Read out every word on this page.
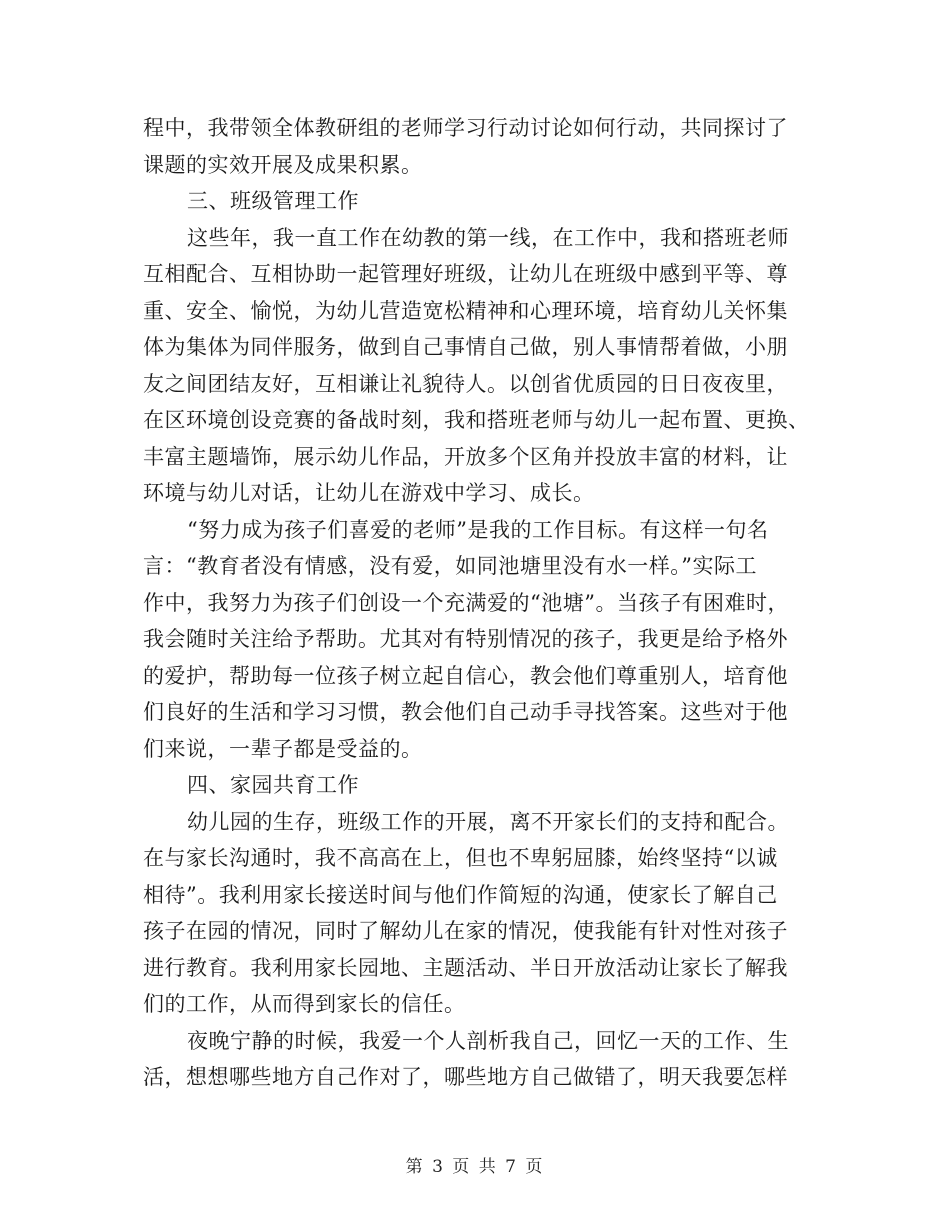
程中，我带领全体教研组的老师学习行动讨论如何行动，共同探讨了
课题的实效开展及成果积累。
三、班级管理工作
这些年，我一直工作在幼教的第一线，在工作中，我和搭班老师
互相配合、互相协助一起管理好班级，让幼儿在班级中感到平等、尊
重、安全、愉悦，为幼儿营造宽松精神和心理环境，培育幼儿关怀集
体为集体为同伴服务，做到自己事情自己做，别人事情帮着做，小朋
友之间团结友好，互相谦让礼貌待人。以创省优质园的日日夜夜里，
在区环境创设竞赛的备战时刻，我和搭班老师与幼儿一起布置、更换、
丰富主题墙饰，展示幼儿作品，开放多个区角并投放丰富的材料，让
环境与幼儿对话，让幼儿在游戏中学习、成长。
“努力成为孩子们喜爱的老师”是我的工作目标。有这样一句名
言：“教育者没有情感，没有爱，如同池塘里没有水一样。”实际工
作中，我努力为孩子们创设一个充满爱的“池塘”。当孩子有困难时，
我会随时关注给予帮助。尤其对有特别情况的孩子，我更是给予格外
的爱护，帮助每一位孩子树立起自信心，教会他们尊重别人，培育他
们良好的生活和学习习惯，教会他们自己动手寻找答案。这些对于他
们来说，一辈子都是受益的。
四、家园共育工作
幼儿园的生存，班级工作的开展，离不开家长们的支持和配合。
在与家长沟通时，我不高高在上，但也不卑躬屈膝，始终坚持“以诚
相待”。我利用家长接送时间与他们作简短的沟通，使家长了解自己
孩子在园的情况，同时了解幼儿在家的情况，使我能有针对性对孩子
进行教育。我利用家长园地、主题活动、半日开放活动让家长了解我
们的工作，从而得到家长的信任。
夜晚宁静的时候，我爱一个人剖析我自己，回忆一天的工作、生
活，想想哪些地方自己作对了，哪些地方自己做错了，明天我要怎样
第 3 页 共 7 页
